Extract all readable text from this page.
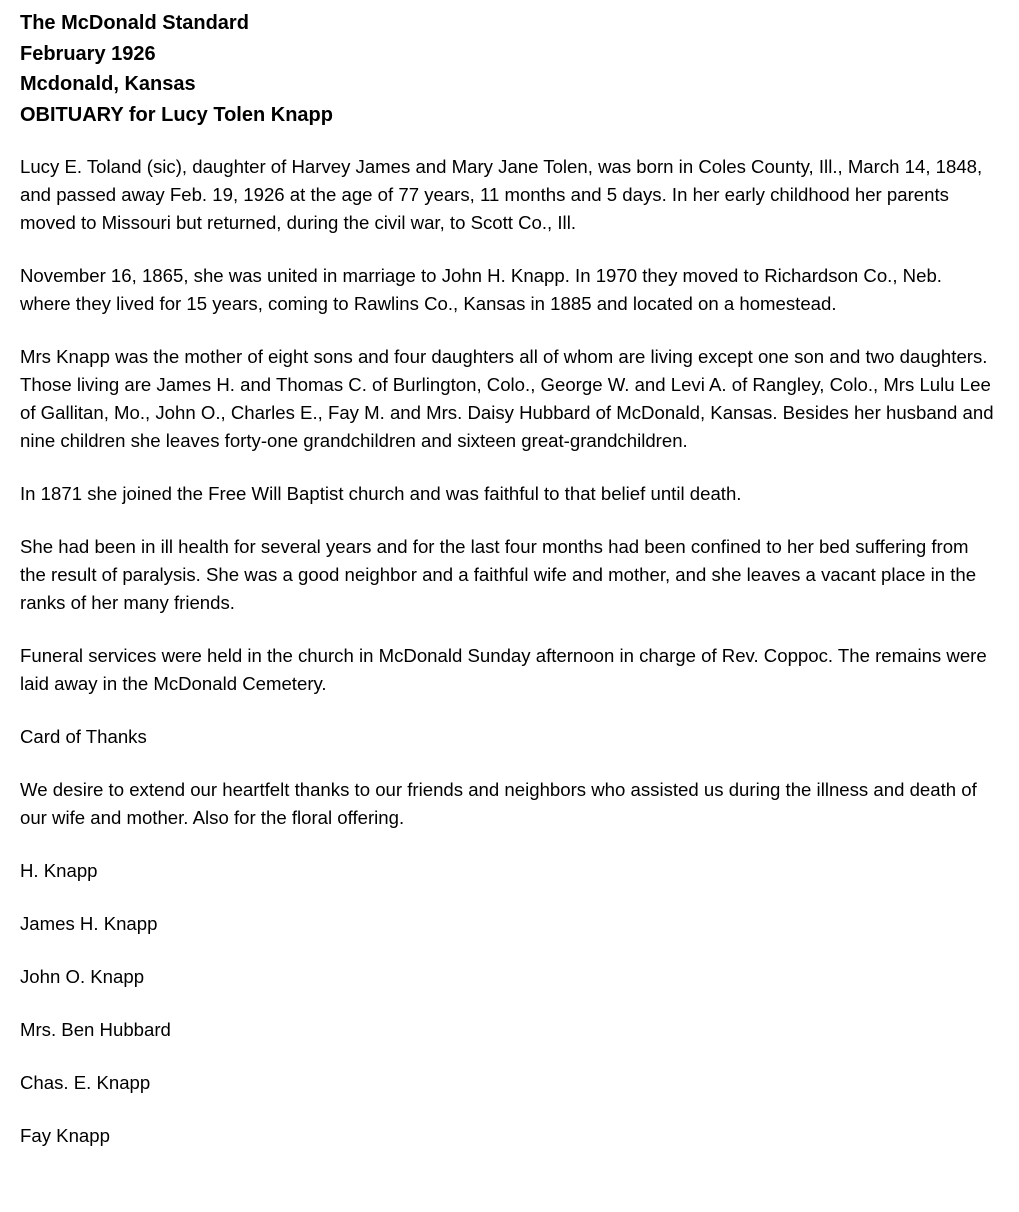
The McDonald Standard

February 1926

Mcdonald, Kansas

OBITUARY for Lucy Tolen Knapp

Lucy E. Toland (sic), daughter of Harvey James and Mary Jane Tolen, was born in Coles County, Ill., March 14, 1848, and passed away Feb. 19, 1926 at the age of 77 years, 11 months and 5 days. In her early childhood her parents moved to Missouri but returned, during the civil war, to Scott Co., Ill.

November 16, 1865, she was united in marriage to John H. Knapp. In 1970 they moved to Richardson Co., Neb. where they lived for 15 years, coming to Rawlins Co., Kansas in 1885 and located on a homestead.

Mrs Knapp was the mother of eight sons and four daughters all of whom are living except one son and two daughters. Those living are James H. and Thomas C. of Burlington, Colo., George W. and Levi A. of Rangley, Colo., Mrs Lulu Lee of Gallitan, Mo., John O., Charles E., Fay M. and Mrs. Daisy Hubbard of McDonald, Kansas. Besides her husband and nine children she leaves forty-one grandchildren and sixteen great-grandchildren.

In 1871 she joined the Free Will Baptist church and was faithful to that belief until death.

She had been in ill health for several years and for the last four months had been confined to her bed suffering from the result of paralysis. She was a good neighbor and a faithful wife and mother, and she leaves a vacant place in the ranks of her many friends.

Funeral services were held in the church in McDonald Sunday afternoon in charge of Rev. Coppoc. The remains were laid away in the McDonald Cemetery.

Card of Thanks

We desire to extend our heartfelt thanks to our friends and neighbors who assisted us during the illness and death of our wife and mother. Also for the floral offering.

H. Knapp

James H. Knapp

John O. Knapp

Mrs. Ben Hubbard

Chas. E. Knapp

Fay Knapp
